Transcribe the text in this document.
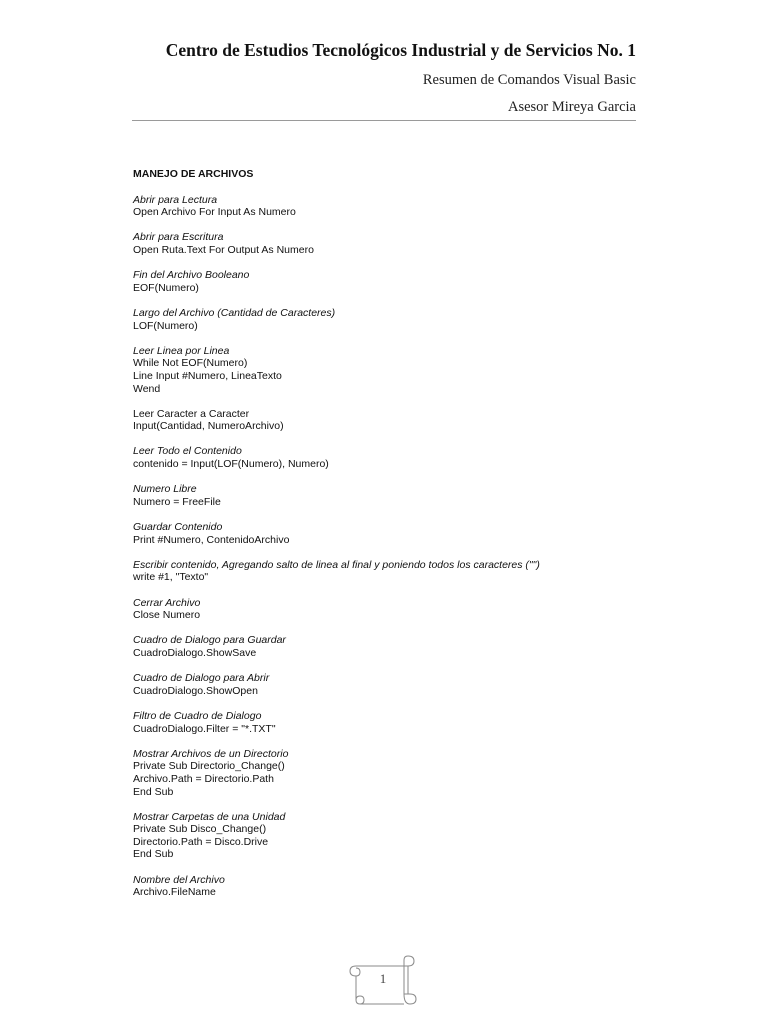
Centro de Estudios Tecnológicos Industrial y de Servicios No. 1
Resumen de Comandos Visual Basic
Asesor Mireya Garcia
MANEJO DE ARCHIVOS
Abrir para Lectura
Open Archivo For Input As Numero
Abrir para Escritura
Open Ruta.Text For Output As Numero
Fin del Archivo Booleano
EOF(Numero)
Largo del Archivo (Cantidad de Caracteres)
LOF(Numero)
Leer Linea por Linea
While Not EOF(Numero)
Line Input #Numero, LineaTexto
Wend
Leer Caracter a Caracter
Input(Cantidad, NumeroArchivo)
Leer Todo el Contenido
contenido = Input(LOF(Numero), Numero)
Numero Libre
Numero = FreeFile
Guardar Contenido
Print #Numero, ContenidoArchivo
Escribir contenido, Agregando salto de linea al final y poniendo todos los caracteres ("")
write #1, "Texto"
Cerrar Archivo
Close Numero
Cuadro de Dialogo para Guardar
CuadroDialogo.ShowSave
Cuadro de Dialogo para Abrir
CuadroDialogo.ShowOpen
Filtro de Cuadro de Dialogo
CuadroDialogo.Filter = "*.TXT"
Mostrar Archivos de un Directorio
Private Sub Directorio_Change()
Archivo.Path = Directorio.Path
End Sub
Mostrar Carpetas de una Unidad
Private Sub Disco_Change()
Directorio.Path = Disco.Drive
End Sub
Nombre del Archivo
Archivo.FileName
1
